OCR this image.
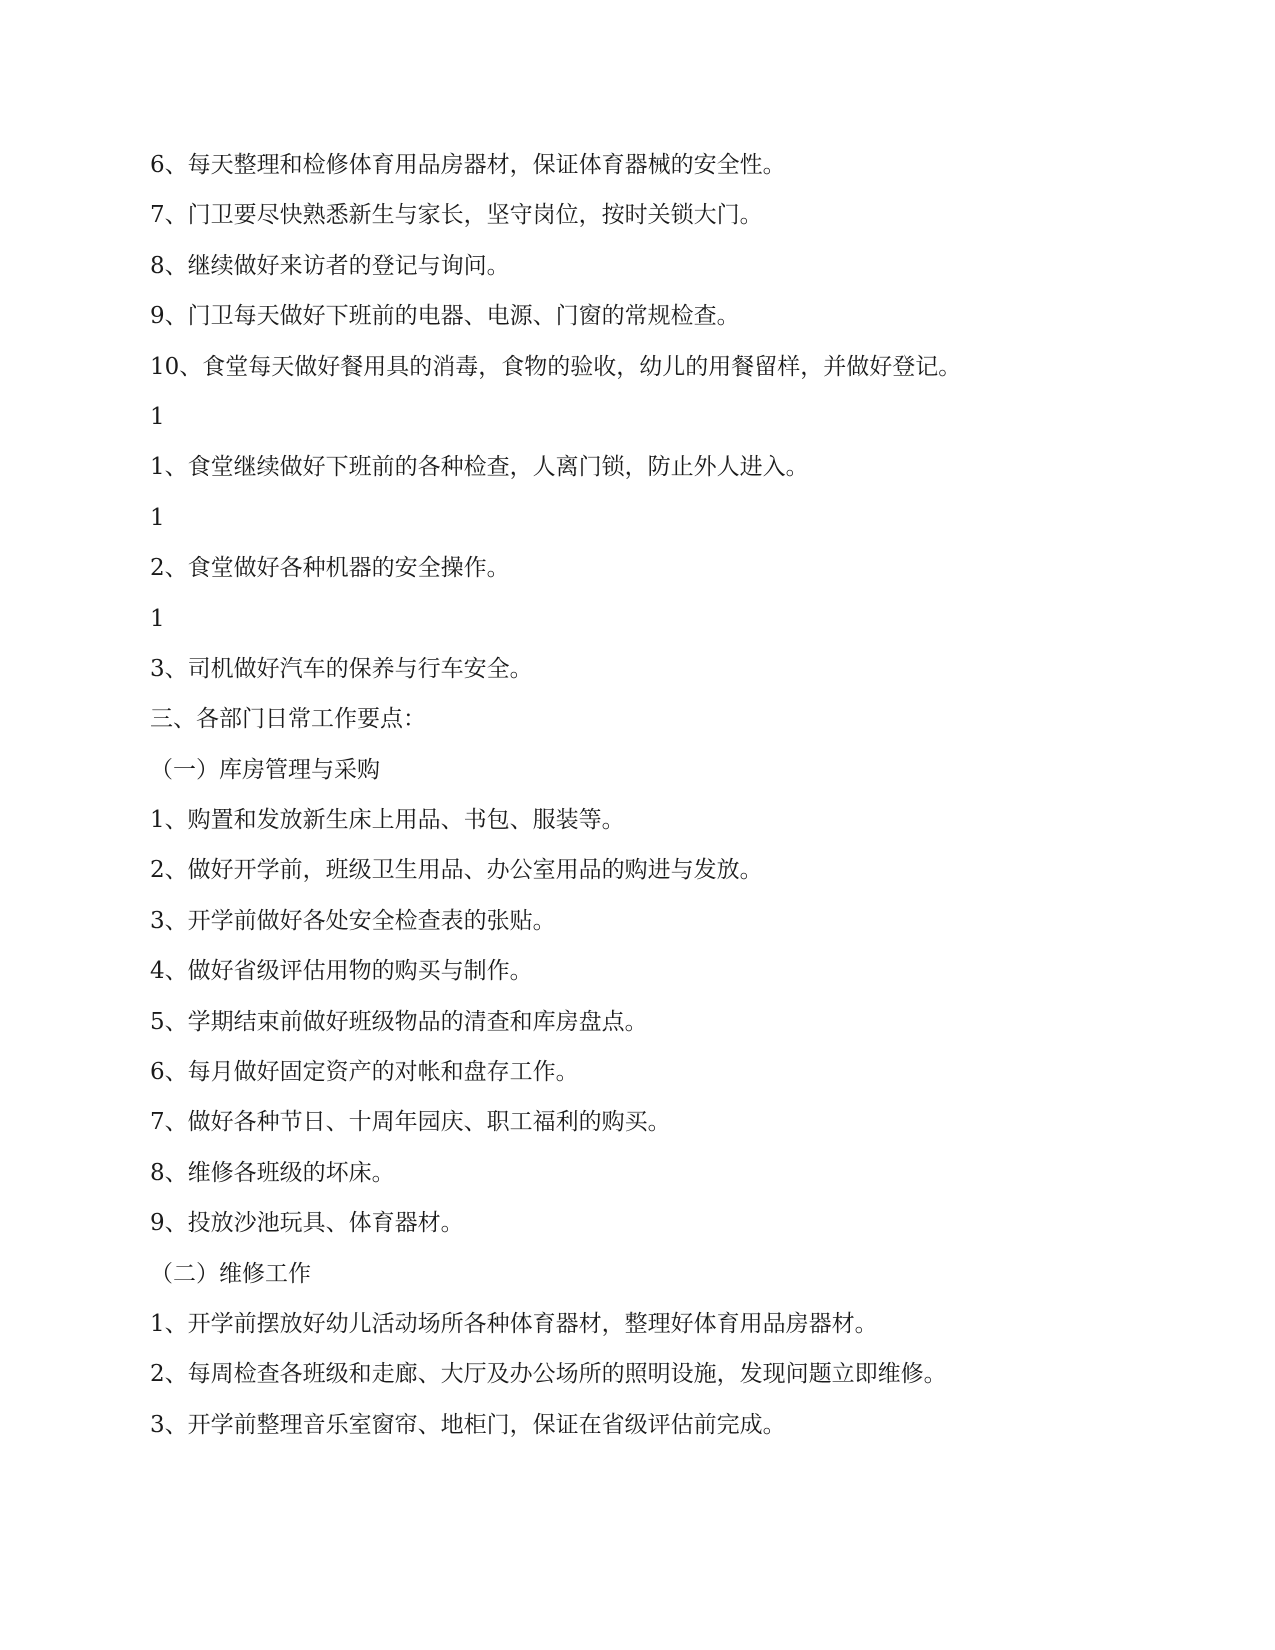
6、每天整理和检修体育用品房器材，保证体育器械的安全性。
7、门卫要尽快熟悉新生与家长，坚守岗位，按时关锁大门。
8、继续做好来访者的登记与询问。
9、门卫每天做好下班前的电器、电源、门窗的常规检查。
10、食堂每天做好餐用具的消毒，食物的验收，幼儿的用餐留样，并做好登记。
1
1、食堂继续做好下班前的各种检查，人离门锁，防止外人进入。
1
2、食堂做好各种机器的安全操作。
1
3、司机做好汽车的保养与行车安全。
三、各部门日常工作要点：
（一）库房管理与采购
1、购置和发放新生床上用品、书包、服装等。
2、做好开学前，班级卫生用品、办公室用品的购进与发放。
3、开学前做好各处安全检查表的张贴。
4、做好省级评估用物的购买与制作。
5、学期结束前做好班级物品的清查和库房盘点。
6、每月做好固定资产的对帐和盘存工作。
7、做好各种节日、十周年园庆、职工福利的购买。
8、维修各班级的坏床。
9、投放沙池玩具、体育器材。
（二）维修工作
1、开学前摆放好幼儿活动场所各种体育器材，整理好体育用品房器材。
2、每周检查各班级和走廊、大厅及办公场所的照明设施，发现问题立即维修。
3、开学前整理音乐室窗帘、地柜门，保证在省级评估前完成。
